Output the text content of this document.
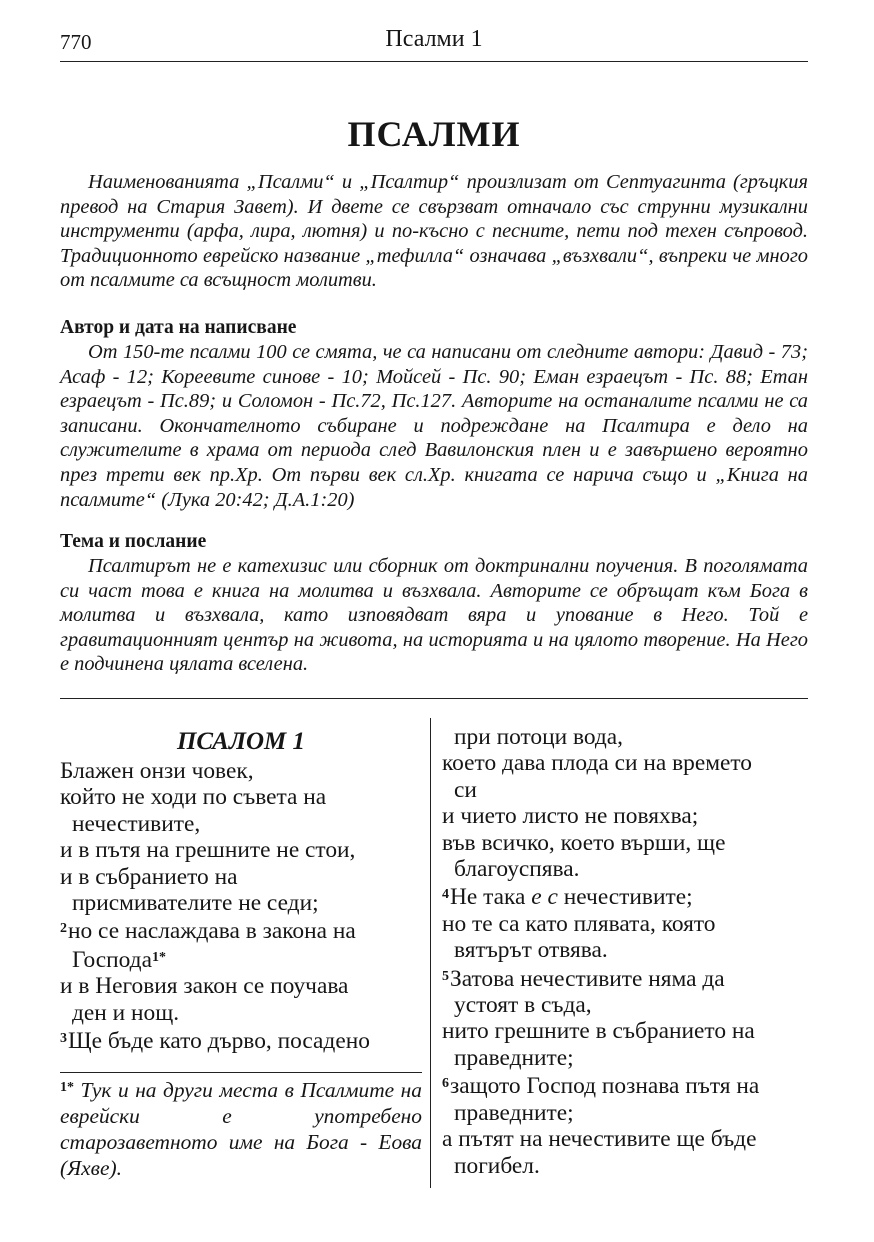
770	Псалми 1
ПСАЛМИ

Наименованията „Псалми“ и „Псалтир“ произлизат от Септуагинта (гръцкия превод на Стария Завет). И двете се свързват отначало със струнни музикални инструменти (арфа, лира, лютня) и по-късно с песните, пети под техен съпровод. Традиционното еврейско название „тефилла“ означава „възхвали“, въпреки че много от псалмите са всъщност молитви.

Автор и дата на написване

От 150-те псалми 100 се смята, че са написани от следните автори: Давид - 73; Асаф - 12; Кореевите синове - 10; Мойсей - Пс. 90; Еман езраецът - Пс. 88; Етан езраецът - Пс.89; и Соломон - Пс.72, Пс.127. Авторите на останалите псалми не са записани. Окончателното събиране и подреждане на Псалтира е дело на служителите в храма от периода след Вавилонския плен и е завършено вероятно през трети век пр.Хр. От първи век сл.Хр. книгата се нарича също и „Книга на псалмите“ (Лука 20:42; Д.А.1:20)

Тема и послание

Псалтирът не е катехизис или сборник от доктринални поучения. В поголямата си част това е книга на молитва и възхвала. Авторите се обръщат към Бога в молитва и възхвала, като изповядват вяра и упование в Него. Той е гравитационният център на живота, на историята и на цялото творение. На Него е подчинена цялата вселена.

ПСАЛОМ 1
Блажен онзи човек,
който не ходи по съвета на
нечестивите,
и в пътя на грешните не стои,
и в събранието на
присмивателите не седи;
$^2$но се наслаждава в закона на
Господа$^{1*}$
и в Неговия закон се поучава
ден и нощ.
$^3$Ще бъде като дърво, посадено
при потоци вода,
което дава плода си на времето
си
и чието листо не повяхва;
във всичко, което върши, ще
благоуспява.
$^4$Не така е с нечестивите;
но те са като плявата, която
вятърът отвява.
$^5$Затова нечестивите няма да
устоят в съда,
нито грешните в събранието на
праведните;
$^6$защото Господ познава пътя на
праведните;
а пътят на нечестивите ще бъде
погибел.
$^{1*}$ Тук и на други места в Псалмите на еврейски е употребено старозаветното име на Бога - Еова (Яхве).
